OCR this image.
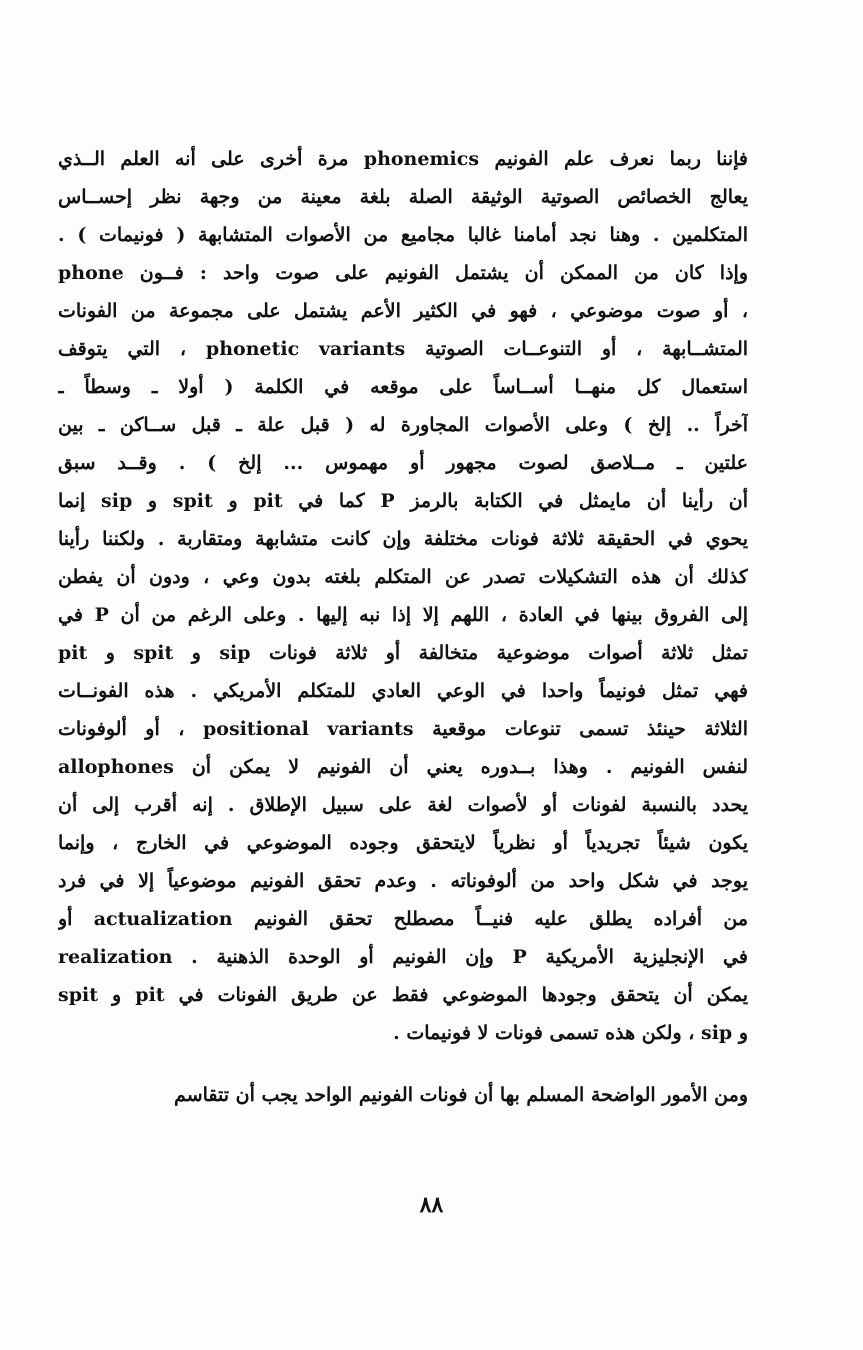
فإننا ربما نعرف علم الفونيم phonemics مرة أخرى على أنه العلم الــذي
يعالج الخصائص الصوتية الوثيقة الصلة بلغة معينة من وجهة نظر إحســاس
المتكلمين . وهنا نجد أمامنا غالبا مجاميع من الأصوات المتشابهة ( فونيمات ) .
وإذا كان من الممكن أن يشتمل الفونيم على صوت واحد : فــون phone
، أو صوت موضوعي ، فهو في الكثير الأعم يشتمل على مجموعة من الفونات
المتشــابهة ، أو التنوعــات الصوتية phonetic variants ، التي يتوقف
استعمال كل منهــا أســاساً على موقعه في الكلمة ( أولا ـ وسطاً ـ
آخراً .. إلخ ) وعلى الأصوات المجاورة له ( قبل علة ـ قبل ســاكن ـ بين
علتين ـ مــلاصق لصوت مجهور أو مهموس ... إلخ ) . وقــد سبق
أن رأينا أن مايمثل في الكتابة بالرمز P كما في pit و spit و sip إنما
يحوي في الحقيقة ثلاثة فونات مختلفة وإن كانت متشابهة ومتقاربة . ولكننا رأينا
كذلك أن هذه التشكيلات تصدر عن المتكلم بلغته بدون وعي ، ودون أن يفطن
إلى الفروق بينها في العادة ، اللهم إلا إذا نبه إليها . وعلى الرغم من أن P في
pit و spit و sip تمثل ثلاثة أصوات موضوعية متخالفة أو ثلاثة فونات
فهي تمثل فونيماً واحدا في الوعي العادي للمتكلم الأمريكي . هذه الفونــات
الثلاثة حينئذ تسمى تنوعات موقعية positional variants ، أو ألوفونات
allophones لنفس الفونيم . وهذا بــدوره يعني أن الفونيم لا يمكن أن
يحدد بالنسبة لفونات أو لأصوات لغة على سبيل الإطلاق . إنه أقرب إلى أن
يكون شيئاً تجريدياً أو نظرياً لايتحقق وجوده الموضوعي في الخارج ، وإنما
يوجد في شكل واحد من ألوفوناته . وعدم تحقق الفونيم موضوعياً إلا في فرد
من أفراده يطلق عليه فنيــاً مصطلح تحقق الفونيم actualization أو
realization . وإن الفونيم أو الوحدة الذهنية P في الإنجليزية الأمريكية
يمكن أن يتحقق وجودها الموضوعي فقط عن طريق الفونات في pit و spit
و sip ، ولكن هذه تسمى فونات لا فونيمات .
ومن الأمور الواضحة المسلم بها أن فونات الفونيم الواحد يجب أن تتقاسم
٨٨
